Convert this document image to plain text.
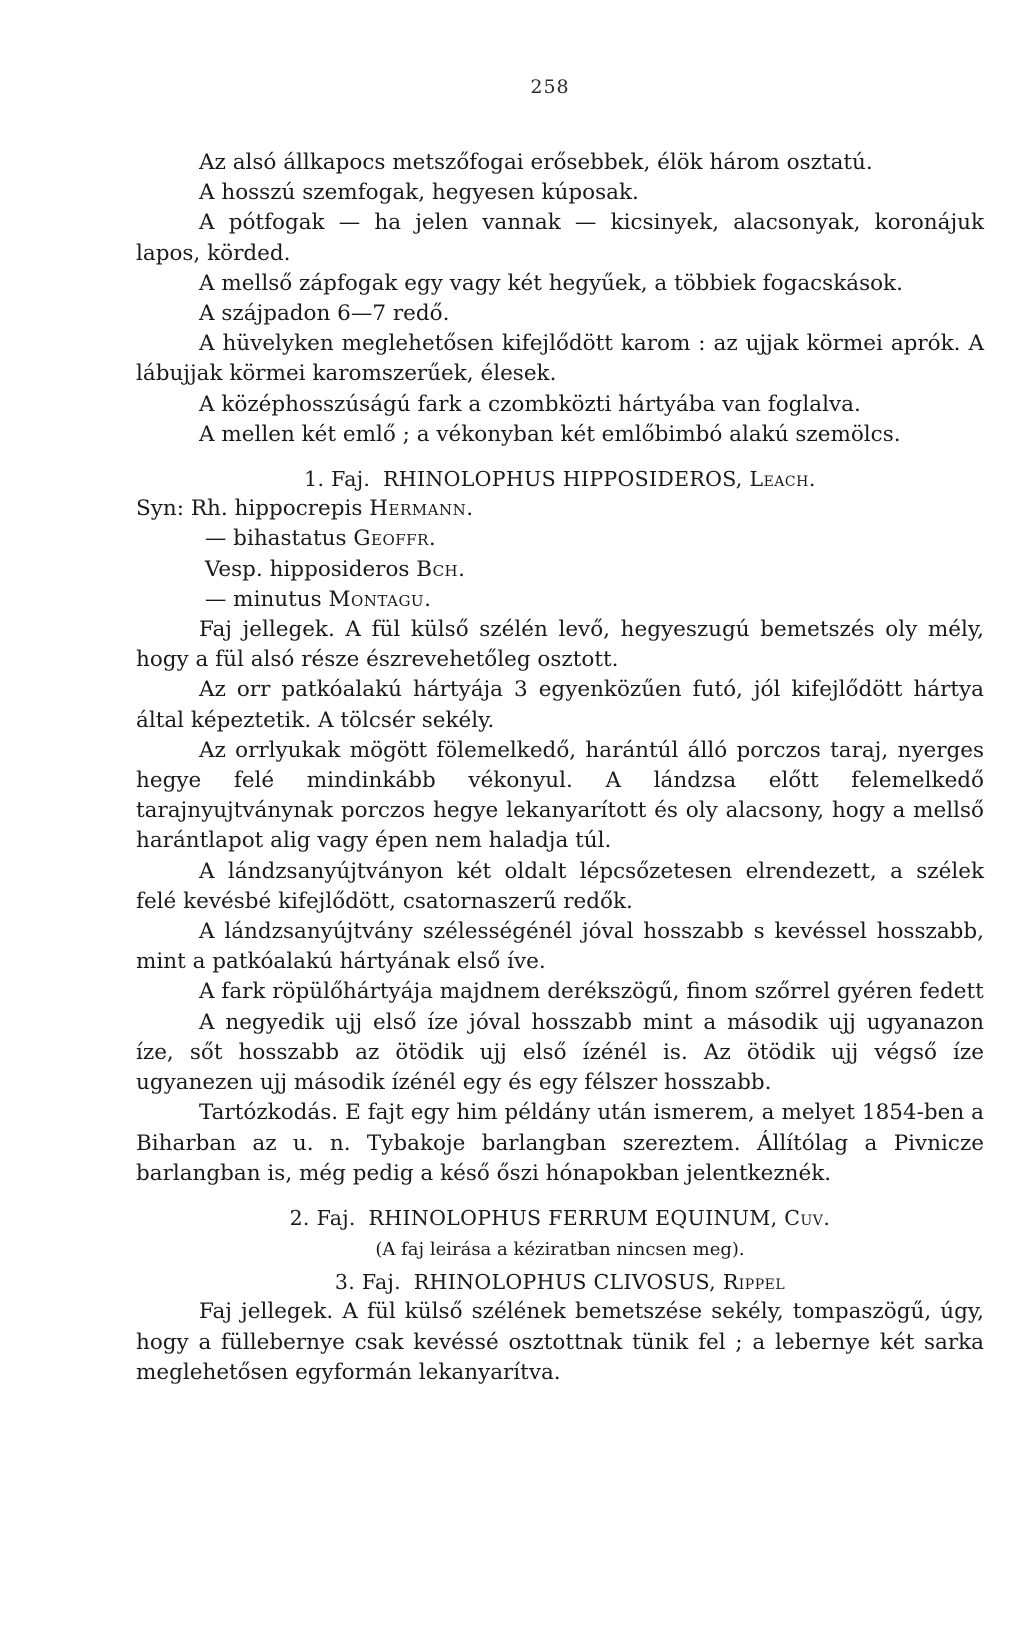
258

Az alsó állkapocs metszőfogai erősebbek, élök három osztatú.

A hosszú szemfogak, hegyesen kúposak.

A pótfogak — ha jelen vannak — kicsinyek, alacsonyak, koronájuk lapos, körded.

A mellső zápfogak egy vagy két hegyűek, a többiek fogacskások.

A szájpadon 6—7 redő.

A hüvelyken meglehetősen kifejlődött karom : az ujjak körmei aprók. A lábujjak körmei karomszerűek, élesek.

A középhosszúságú fark a czombközti hártyába van foglalva.

A mellen két emlő ; a vékonyban két emlőbimbó alakú szemölcs.

1. Faj. RHINOLOPHUS HIPPOSIDEROS, Leach.
Syn: Rh. hippocrepis Hermann.
— bihastatus Geoffr.
Vesp. hipposideros Bch.
— minutus Montagu.

Faj jellegek. A fül külső szélén levő, hegyeszugú bemetszés oly mély, hogy a fül alsó része észrevehetőleg osztott.

Az orr patkóalakú hártyája 3 egyenközűen futó, jól kifejlődött hártya által képeztetik. A tölcsér sekély.

Az orrlyukak mögött fölemelkedő, harántúl álló porczos taraj, nyerges hegye felé mindinkább vékonyul. A lándzsa előtt felemelkedő tarajnyujtványnak porczos hegye lekanyarított és oly alacsony, hogy a mellső harántlapot alig vagy épen nem haladja túl.

A lándzsanyújtványon két oldalt lépcsőzetesen elrendezett, a szélek felé kevésbé kifejlődött, csatornaszerű redők.

A lándzsanyújtvány szélességénél jóval hosszabb s kevéssel hosszabb, mint a patkóalakú hártyának első íve.

A fark röpülőhártyája majdnem derékszögű, finom szőrrel gyéren fedett

A negyedik ujj első íze jóval hosszabb mint a második ujj ugyanazon íze, sőt hosszabb az ötödik ujj első ízénél is. Az ötödik ujj végső íze ugyanezen ujj második ízénél egy és egy félszer hosszabb.

Tartózkodás. E fajt egy him példány után ismerem, a melyet 1854-ben a Biharban az u. n. Tybakoje barlangban szereztem. Állítólag a Pivnicze barlangban is, még pedig a késő őszi hónapokban jelentkeznék.

2. Faj. RHINOLOPHUS FERRUM EQUINUM, Cuv.
(A faj leirása a kéziratban nincsen meg).
3. Faj. RHINOLOPHUS CLIVOSUS, Rippel

Faj jellegek. A fül külső szélének bemetszése sekély, tompaszögű, úgy, hogy a füllebernye csak kevéssé osztottnak tünik fel ; a lebernye két sarka meglehetősen egyformán lekanyarítva.
